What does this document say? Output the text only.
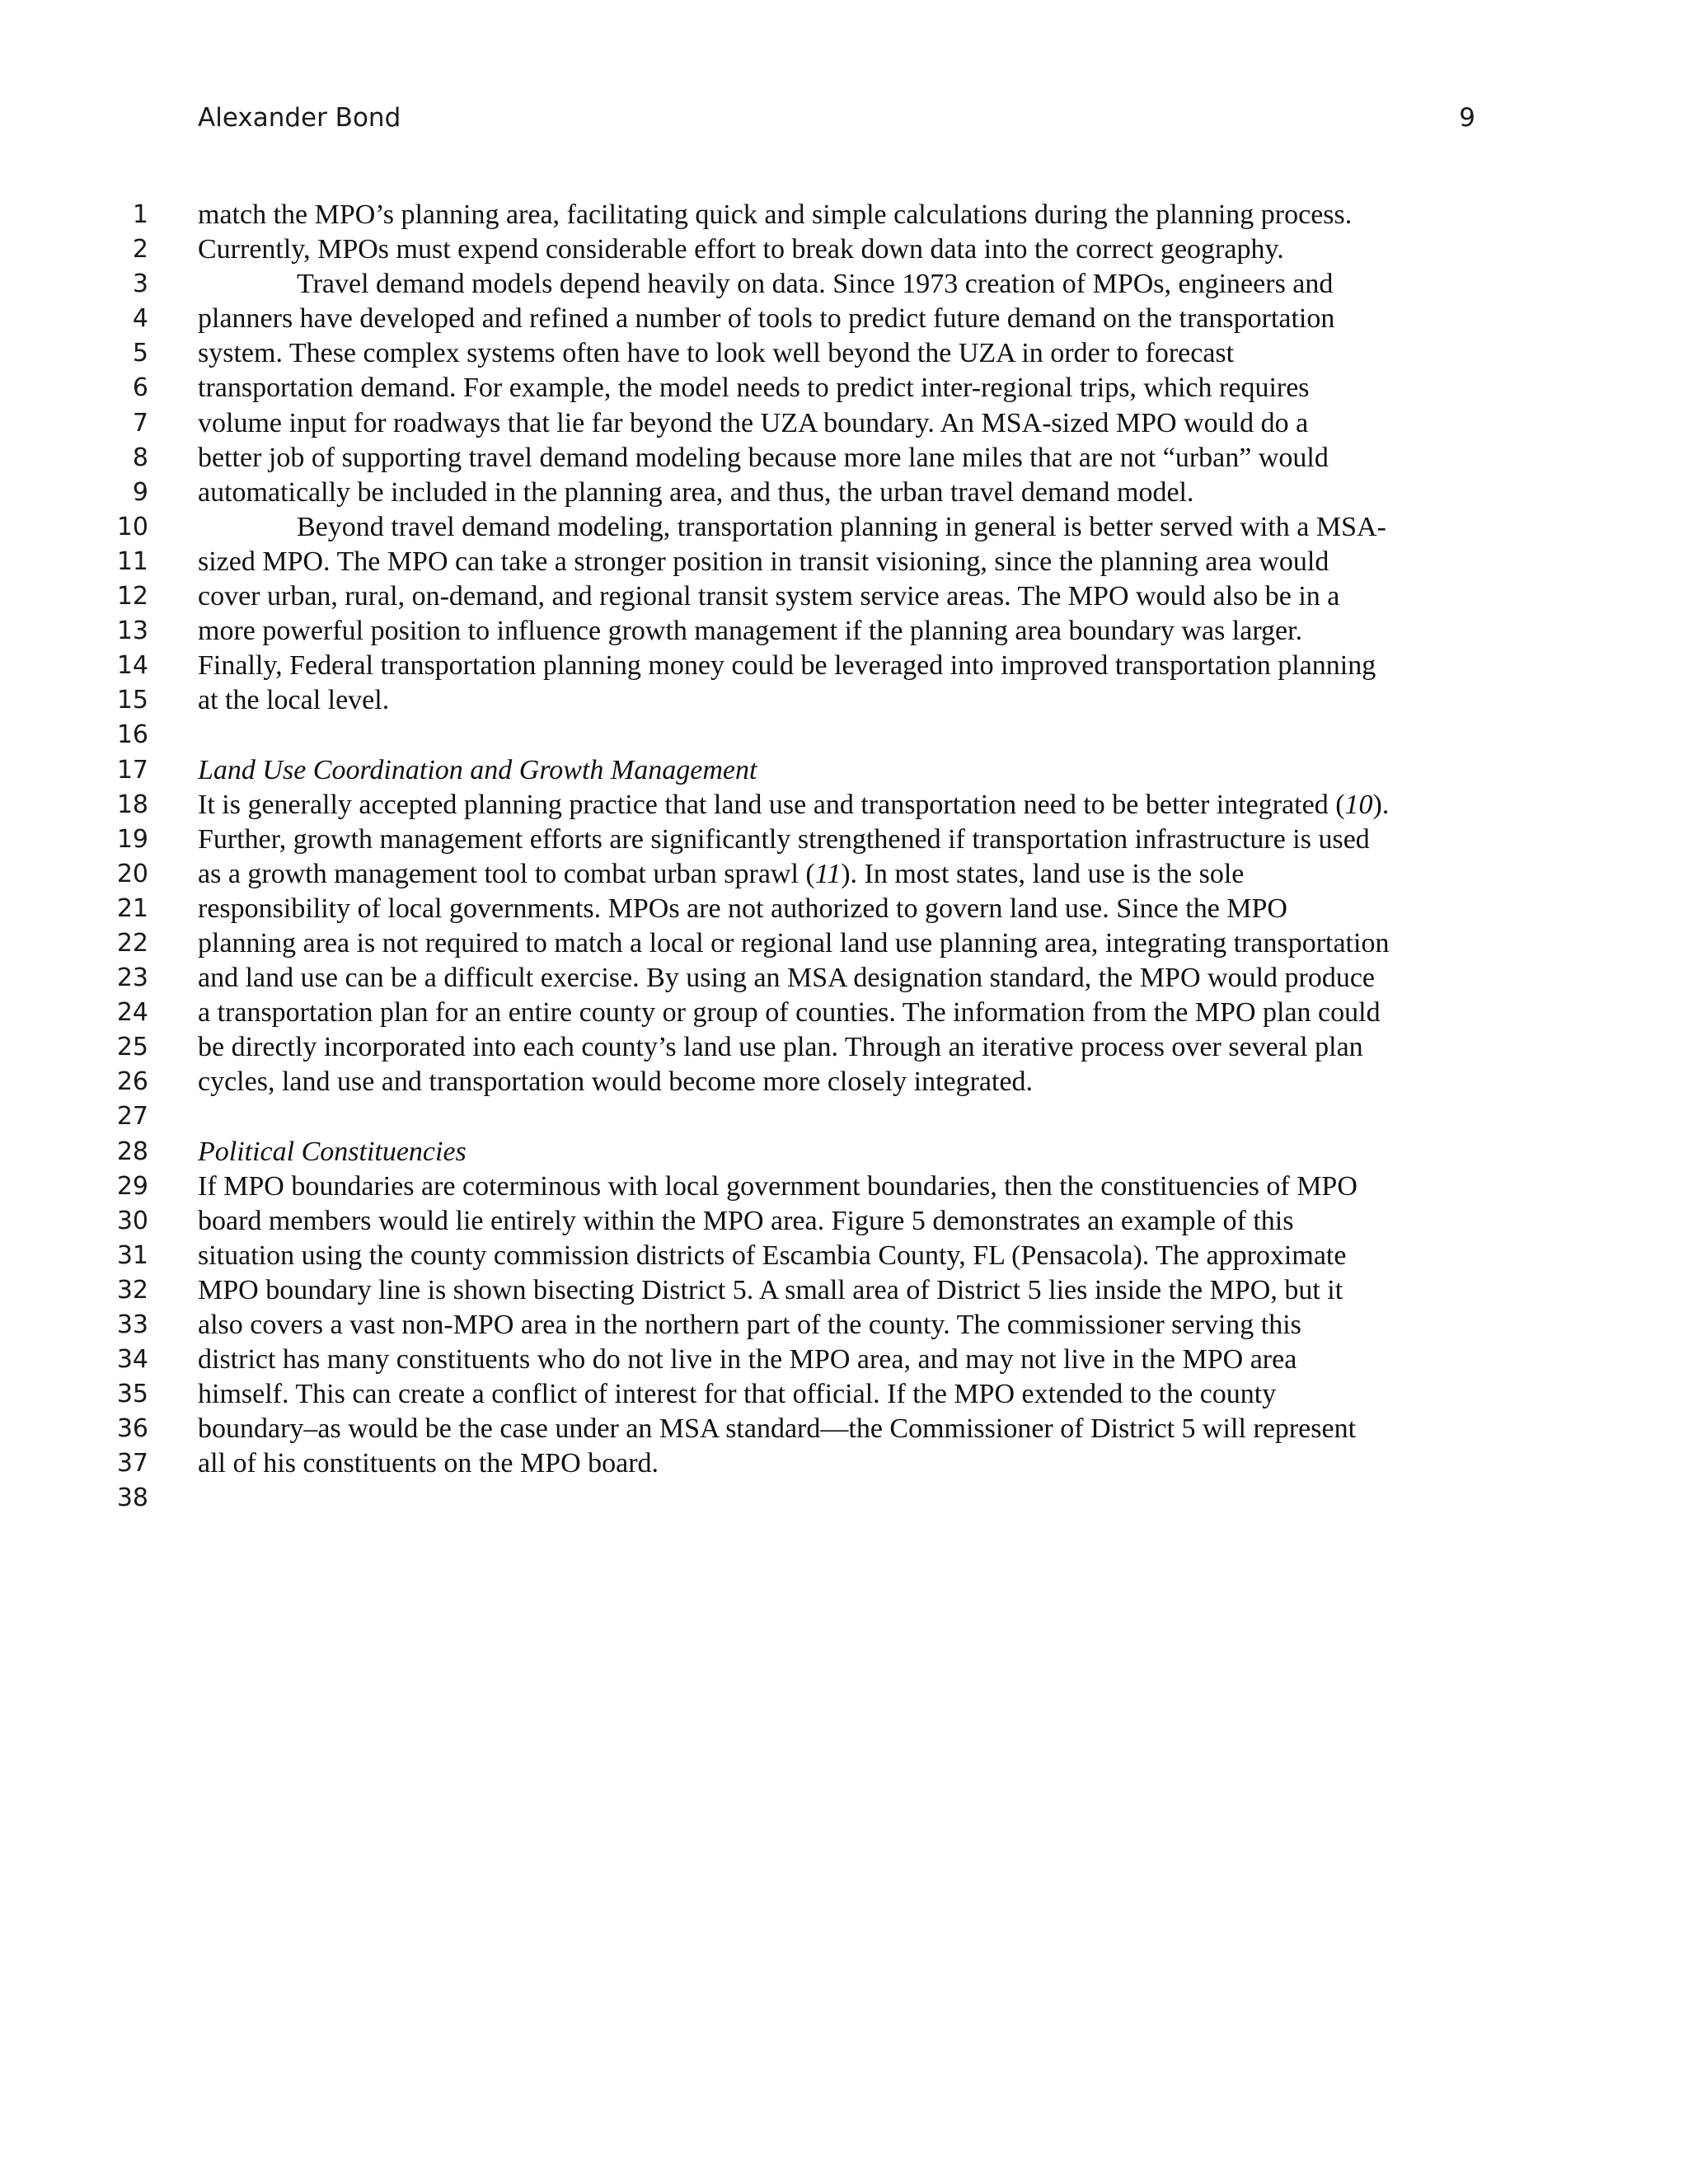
Alexander Bond	9
1 match the MPO’s planning area, facilitating quick and simple calculations during the planning process.
2 Currently, MPOs must expend considerable effort to break down data into the correct geography.
3	Travel demand models depend heavily on data. Since 1973 creation of MPOs, engineers and
4 planners have developed and refined a number of tools to predict future demand on the transportation
5 system. These complex systems often have to look well beyond the UZA in order to forecast
6 transportation demand. For example, the model needs to predict inter-regional trips, which requires
7 volume input for roadways that lie far beyond the UZA boundary. An MSA-sized MPO would do a
8 better job of supporting travel demand modeling because more lane miles that are not “urban” would
9 automatically be included in the planning area, and thus, the urban travel demand model.
10	Beyond travel demand modeling, transportation planning in general is better served with a MSA-
11 sized MPO. The MPO can take a stronger position in transit visioning, since the planning area would
12 cover urban, rural, on-demand, and regional transit system service areas. The MPO would also be in a
13 more powerful position to influence growth management if the planning area boundary was larger.
14 Finally, Federal transportation planning money could be leveraged into improved transportation planning
15 at the local level.
16
17 Land Use Coordination and Growth Management
18 It is generally accepted planning practice that land use and transportation need to be better integrated (10).
19 Further, growth management efforts are significantly strengthened if transportation infrastructure is used
20 as a growth management tool to combat urban sprawl (11). In most states, land use is the sole
21 responsibility of local governments. MPOs are not authorized to govern land use. Since the MPO
22 planning area is not required to match a local or regional land use planning area, integrating transportation
23 and land use can be a difficult exercise. By using an MSA designation standard, the MPO would produce
24 a transportation plan for an entire county or group of counties. The information from the MPO plan could
25 be directly incorporated into each county’s land use plan. Through an iterative process over several plan
26 cycles, land use and transportation would become more closely integrated.
27
28 Political Constituencies
29 If MPO boundaries are coterminous with local government boundaries, then the constituencies of MPO
30 board members would lie entirely within the MPO area. Figure 5 demonstrates an example of this
31 situation using the county commission districts of Escambia County, FL (Pensacola). The approximate
32 MPO boundary line is shown bisecting District 5. A small area of District 5 lies inside the MPO, but it
33 also covers a vast non-MPO area in the northern part of the county. The commissioner serving this
34 district has many constituents who do not live in the MPO area, and may not live in the MPO area
35 himself. This can create a conflict of interest for that official. If the MPO extended to the county
36 boundary–as would be the case under an MSA standard—the Commissioner of District 5 will represent
37 all of his constituents on the MPO board.
38
